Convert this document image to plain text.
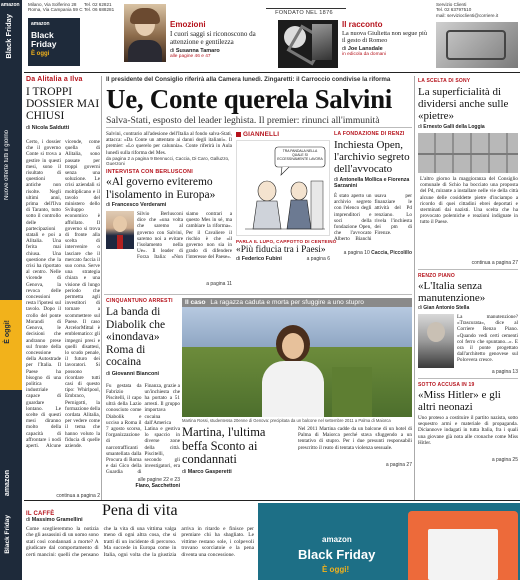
amazon
Black Friday
Nuove offerte tutti il giorno
È oggi!
amazon
Black Friday
Milano, Via Solferino 28
Roma, Via Campania 59 C
Tel. 02 62821
Tel. 06 688281
amazon
Black Friday
È oggi
Emozioni
I cuori saggi si riconoscono da attenzione e gentilezza
di Susanna Tamaro
alle pagine 46 e 47
FONDATO NEL 1876
Il racconto
La nuova Giulietta non segue più il gesto di Romeo
di Joe Lansdale
in edicola da domani
Servizio Clienti
Tel. 02 63797510
mail: servizioclienti@corriere.it
Da Alitalia a Ilva
I TROPPI DOSSIER MAI CHIUSI
di Nicola Saldutti
Certo, i dossier che il governo Conte si trova a gestire in questi mesi, sono il risultato di questioni antiche non risolte. Negli ultimi anni, prima dell'Ilva di Taranto, tutto sotto il controllo delle partecipazioni statali e poi a Alitalia. Una ferita mai chiusa. Una questione che la crisi ha riportato al centro. Nelle vicende di Genova, la revoca delle concessioni resta l'ipotesi sul tavolo. Dopo il crollo del ponte Morandi di Genova, le decisioni che andranno prese sul fronte della concessione della Autostrade per l'Italia. Il Paese ha bisogno di una politica industriale capace di guardare lontano. Le scelte di questi mesi diranno molto della capacità di affrontare i nodi aperti. Alcune vicende, come quella di Alitalia, sono passate per troppi governi senza una soluzione. Le crisi aziendali si moltiplicano e il tavolo del ministero dello Sviluppo economico è affollato. Il governo si trova di fronte alla scelta di intervenire o lasciare che il mercato faccia il suo corso. Serve una strategia chiara e una visione di lungo periodo che permetta agli investitori di tornare a scommettere sul Paese. Il caso ArcelorMittal è emblematico: gli impegni presi e quelli disattesi, lo scudo penale, il futuro dei lavoratori. Si possono ricordare tutti casi di questo tipo: Whirlpool, Embraco, Pernigotti, la formazione della cordata Alitalia, per vedere come il tema che hanno voluto la fiducia di quelle aziende.
continua a pagina 2
Il presidente del Consiglio riferirà alla Camera lunedì. Zingaretti: il Carroccio condivise la riforma
Ue, Conte querela Salvini
Salva-Stati, esposto del leader leghista. Il premier: rinunci all'immunità
Salvini, contrario all'adesione dell'Italia al fondo salva-Stati, attacca: «Da Conte un attentato ai danni degli italiani». Il premier: «Lo querelo per calunnia». Conte riferirà in Aula lunedì sulla riforma del Mes.
da pagina 2 a pagina 9 Bennucci, Caccia, Di Caro, Galluzzo, Guerzoni
INTERVISTA CON BERLUSCONI
«Al governo eviteremo l'isolamento in Europa»
di Francesco Verderami
Silvio Berlusconi dice che «una volta che saremo al governo con Salvini, saremo noi a evitare l'isolamento nella Ue». Il leader di Forza Italia: «Non siamo contrari a questo Mes in sé, ma cambiare la riforma». Per il Cavaliere il rischio è che «il governo non sia in grado di difendere l'interesse del Paese».
a pagina 11
GIANNELLI
TRA PANDALA NELLA QUALE SI ECCESSIVAMENTE LAVORA
PARLA IL LUPO, CAPPOTTO DI CENTEINO
«Più fiducia tra i Paesi»
di Federico Fubini	a pagina 6
LA FONDAZIONE DI RENZI
Inchiesta Open, l'archivio segreto dell'avvocato
di Antonella Mollica e Fiorenza Sarzanini
È stato aperto un archivio segreto con l'elenco degli imprenditori e soci della fondazione Open, che l'avvocato Alberto Bianchi usava per finanziare le attività del Pd renziano. Lo rivela l'inchiesta dei pm di Firenze.
a pagina 10 Caccia, Piccolillo
LA SCELTA DI SONY
La superficialità di dividersi anche sulle «pietre»
di Ernesto Galli della Loggia
L'altro giorno la maggioranza del Consiglio comunale di Schio ha bocciato una proposta del Pd, mirante a installare nelle vie della città alcune delle cosiddette pietre d'inciampo a ricordo di quei cittadini ebrei deportati e sterminati dai nazisti. Una scelta che ha provocato polemiche e reazioni indignate in tutto il Paese.
continua a pagina 27
RENZO PIANO
«L'Italia senza manutenzione»
di Gian Antonio Stella
La manutenzione? «Trascurata», dice al Corriere Renzo Piano. «Quando vedi certi cementi col ferro che spuntano...». E ora il ponte progettato dall'architetto genovese sul Polcevera cresce.
a pagina 13
SOTTO ACCUSA IN 19
«Miss Hitler» e gli altri neonazi
Uno proteso a costituire il partito nazista, sotto sequestro armi e materiale di propaganda. Diciannove indagati in tutta Italia, fra i quali una giovane già nota alle cronache come Miss Hitler.
a pagina 25
CINQUANTUNO ARRESTI
La banda di Diabolik che «inondava» Roma di cocaina
di Giovanni Bianconi
Fu gestata da Fabrizio Piscitelli, il capo ultrà della Lazio conosciuto come Diabolik e ucciso a Roma il 7 agosto scorso, l'organizzazione di narcotrafficanti smantellata dalla Procura di Roma e dai Gico della Guardia di Finanza, grazie a un'inchiesta che ha portato a 51 arresti. Il gruppo importava cocaina dall'America Latina e gestiva lo spaccio in diverse zone della città. Piscitelli, secondo gli investigatori, era
alle pagine 22 e 23
Fiano, Sacchettoni
Il caso La ragazza caduta e morta per sfuggire a uno stupro
Martina Rossi, studentessa 20enne di Genova: precipitata da un balcone nel settembre 2011 a Palma di Maiorca
Martina, l'ultima beffa Sconto ai condannati
di Marco Gasperetti
Nel 2011 Martina cadde da un balcone di un hotel di Palma di Maiorca perché stava sfuggendo a un tentativo di stupro. Per i due presunti responsabili prescritto il reato di tentata violenza sessuale.
a pagina 27
IL CAFFÈ
di Massimo Gramellini
Pena di vita
Come sceglieremmo la notizia che gli assassini di un uomo sono stati così condannati a morte? A giudicare dal comportamento di certi mancini: quelli che pensano che la vita di una vittima valga meno di ogni altra cosa, che si tratti di un incidente di percorso. Ma succede in Europa come in Italia, ogni volta che la giustizia arriva in ritardo e finisce per premiare chi ha sbagliato. Le vittime restano sole, i colpevoli trovano scorciatoie e la pena diventa una concessione.
amazon
Black Friday
È oggi!
